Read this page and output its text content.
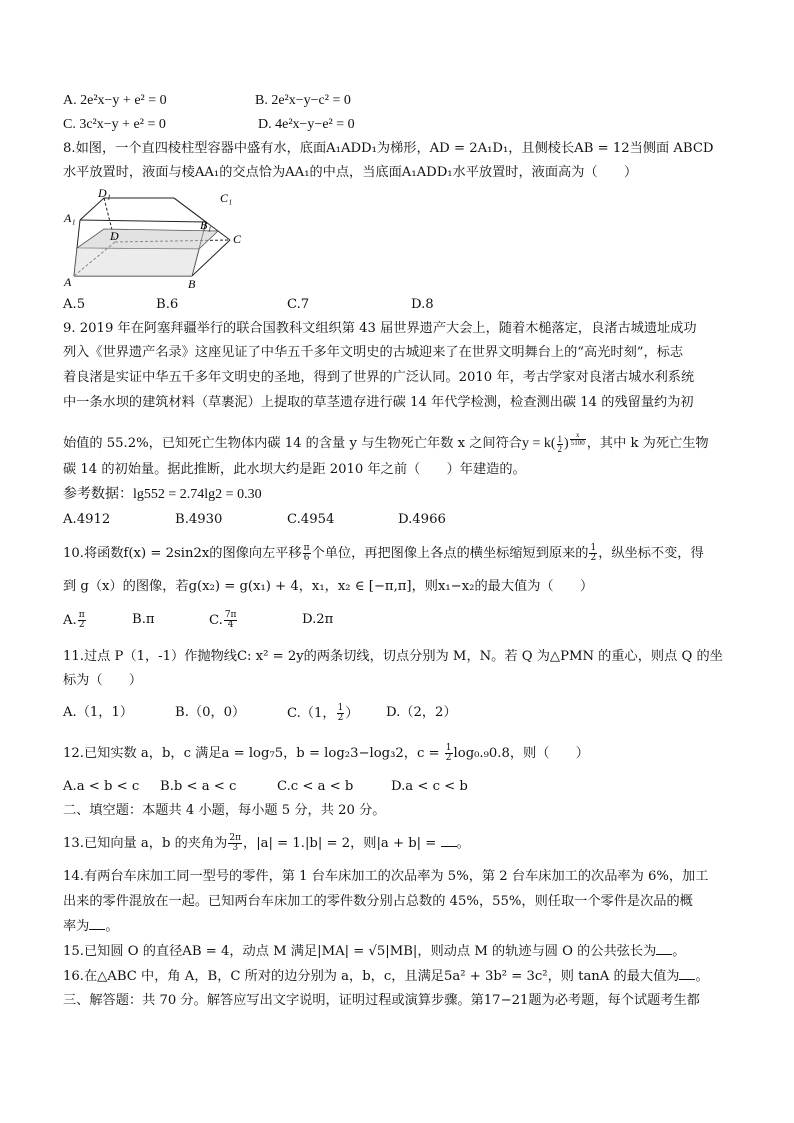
A. 2e²x−y + e² = 0	B. 2e²x−y−c² = 0
C. 3c²x−y + e² = 0	D. 4e²x−y−e² = 0
8.如图，一个直四棱柱型容器中盛有水，底面A₁ADD₁为梯形，AD = 2A₁D₁，且侧棱长AB = 12当侧面 ABCD
水平放置时，液面与棱AA₁的交点恰为AA₁的中点，当底面A₁ADD₁水平放置时，液面高为（　　）
D₁	C₁
A₁	B₁
D	C
A	B
A.5	B.6	C.7	D.8
9. 2019 年在阿塞拜疆举行的联合国教科文组织第 43 届世界遗产大会上，随着木槌落定，良渚古城遗址成功
列入《世界遗产名录》这座见证了中华五千多年文明史的古城迎来了在世界文明舞台上的“高光时刻”，标志
着良渚是实证中华五千多年文明史的圣地，得到了世界的广泛认同。2010 年，考古学家对良渚古城水利系统
中一条水坝的建筑材料（草裹泥）上提取的草茎遗存进行碳 14 年代学检测，检查测出碳 14 的残留量约为初
始值的 55.2%，已知死亡生物体内碳 14 的含量 y 与生物死亡年数 x 之间符合$y = k( \frac{1}{2}$ ) $^{\frac{x}{5100}}$ ，其中 k 为死亡生物
碳 14 的初始量。据此推断，此水坝大约是距 2010 年之前（　　）年建造的。
参考数据：lg552 = 2.74lg2 = 0.30
A.4912	B.4930	C.4954	D.4966
10.将函数f(x) = 2sin2x的图像向左平移 $\frac{\pi}{6}$ 个单位，再把图像上各点的横坐标缩短到原来的 $\frac{1}{2}$ ，纵坐标不变，得
到 g（x）的图像，若g(x₂) = g(x₁) + 4，x₁，x₂ ∈ [−π,π]，则x₁−x₂的最大值为（　　）
A. $\frac{\pi}{2}$	B.π	C. $\frac{7\pi}{4}$	D.2π
11.过点 P（1，-1）作抛物线C: x² = 2y的两条切线，切点分别为 M，N。若 Q 为△PMN 的重心，则点 Q 的坐
标为（　　）
A.（1，1）	B.（0，0）	C.（1， $\frac{1}{2}$ ） D.（2，2）
12.已知实数 a，b，c 满足a = log₇5，b = log₂3−log₃2，$c = \frac{1}{2} \log_0._90.8$，则（　　）
A.a < b < c B.b < a < c	C.c < a < b	D.a < c < b
二、填空题：本题共 4 小题，每小题 5 分，共 20 分。
13.已知向量 a，b 的夹角为 $\frac{2\pi}{3}$ ，|a| = 1.|b| = 2，则|a + b| = 。
14.有两台车床加工同一型号的零件，第 1 台车床加工的次品率为 5%，第 2 台车床加工的次品率为 6%，加工
出来的零件混放在一起。已知两台车床加工的零件数分别占总数的 45%，55%，则任取一个零件是次品的概
率为 。
15.已知圆 O 的直径AB = 4，动点 M 满足|MA| = √5|MB|，则动点 M 的轨迹与圆 O 的公共弦长为 。
16.在△ABC 中，角 A，B，C 所对的边分别为 a，b，c，且满足5a² + 3b² = 3c²，则 tanA 的最大值为 。
三、解答题：共 70 分。解答应写出文字说明，证明过程或演算步骤。第17−21题为必考题，每个试题考生都
